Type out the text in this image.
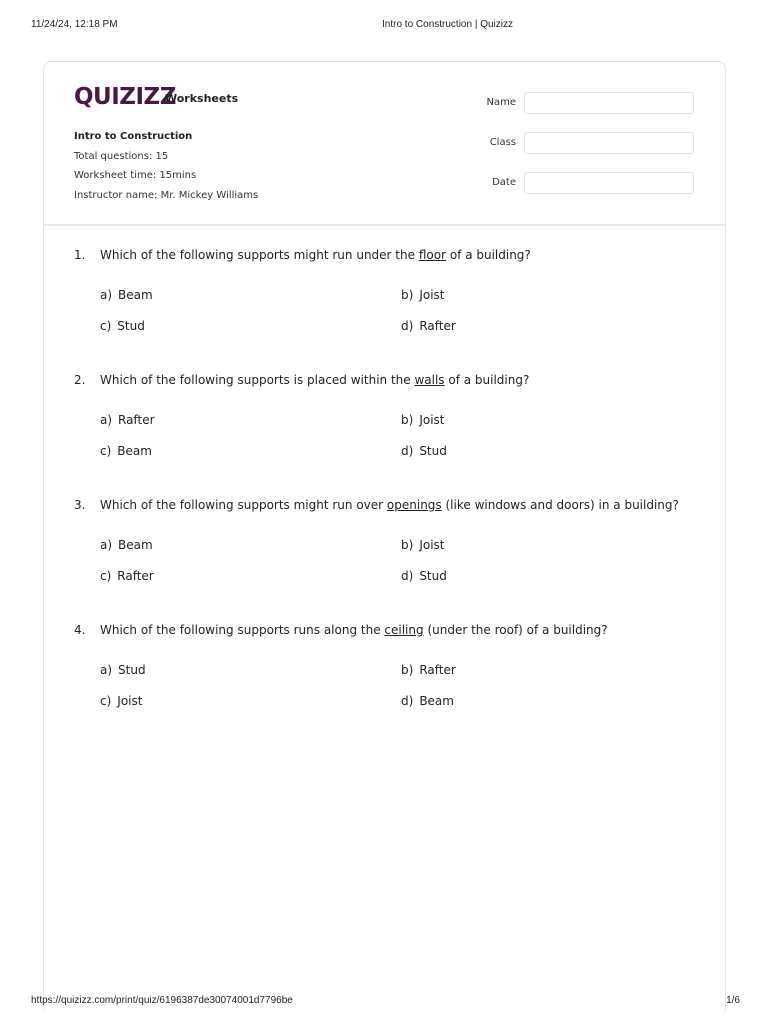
11/24/24, 12:18 PM	Intro to Construction | Quizizz
QUIZIZZ
Worksheets
Intro to Construction
Total questions: 15
Worksheet time: 15mins
Instructor name: Mr. Mickey Williams
Name
Class
Date
1. Which of the following supports might run under the floor of a building?
a) Beam	b) Joist
c) Stud	d) Rafter
2. Which of the following supports is placed within the walls of a building?
a) Rafter	b) Joist
c) Beam	d) Stud
3. Which of the following supports might run over openings (like windows and doors) in a building?
a) Beam	b) Joist
c) Rafter	d) Stud
4. Which of the following supports runs along the ceiling (under the roof) of a building?
a) Stud	b) Rafter
c) Joist	d) Beam
https://quizizz.com/print/quiz/6196387de30074001d7796be	1/6
